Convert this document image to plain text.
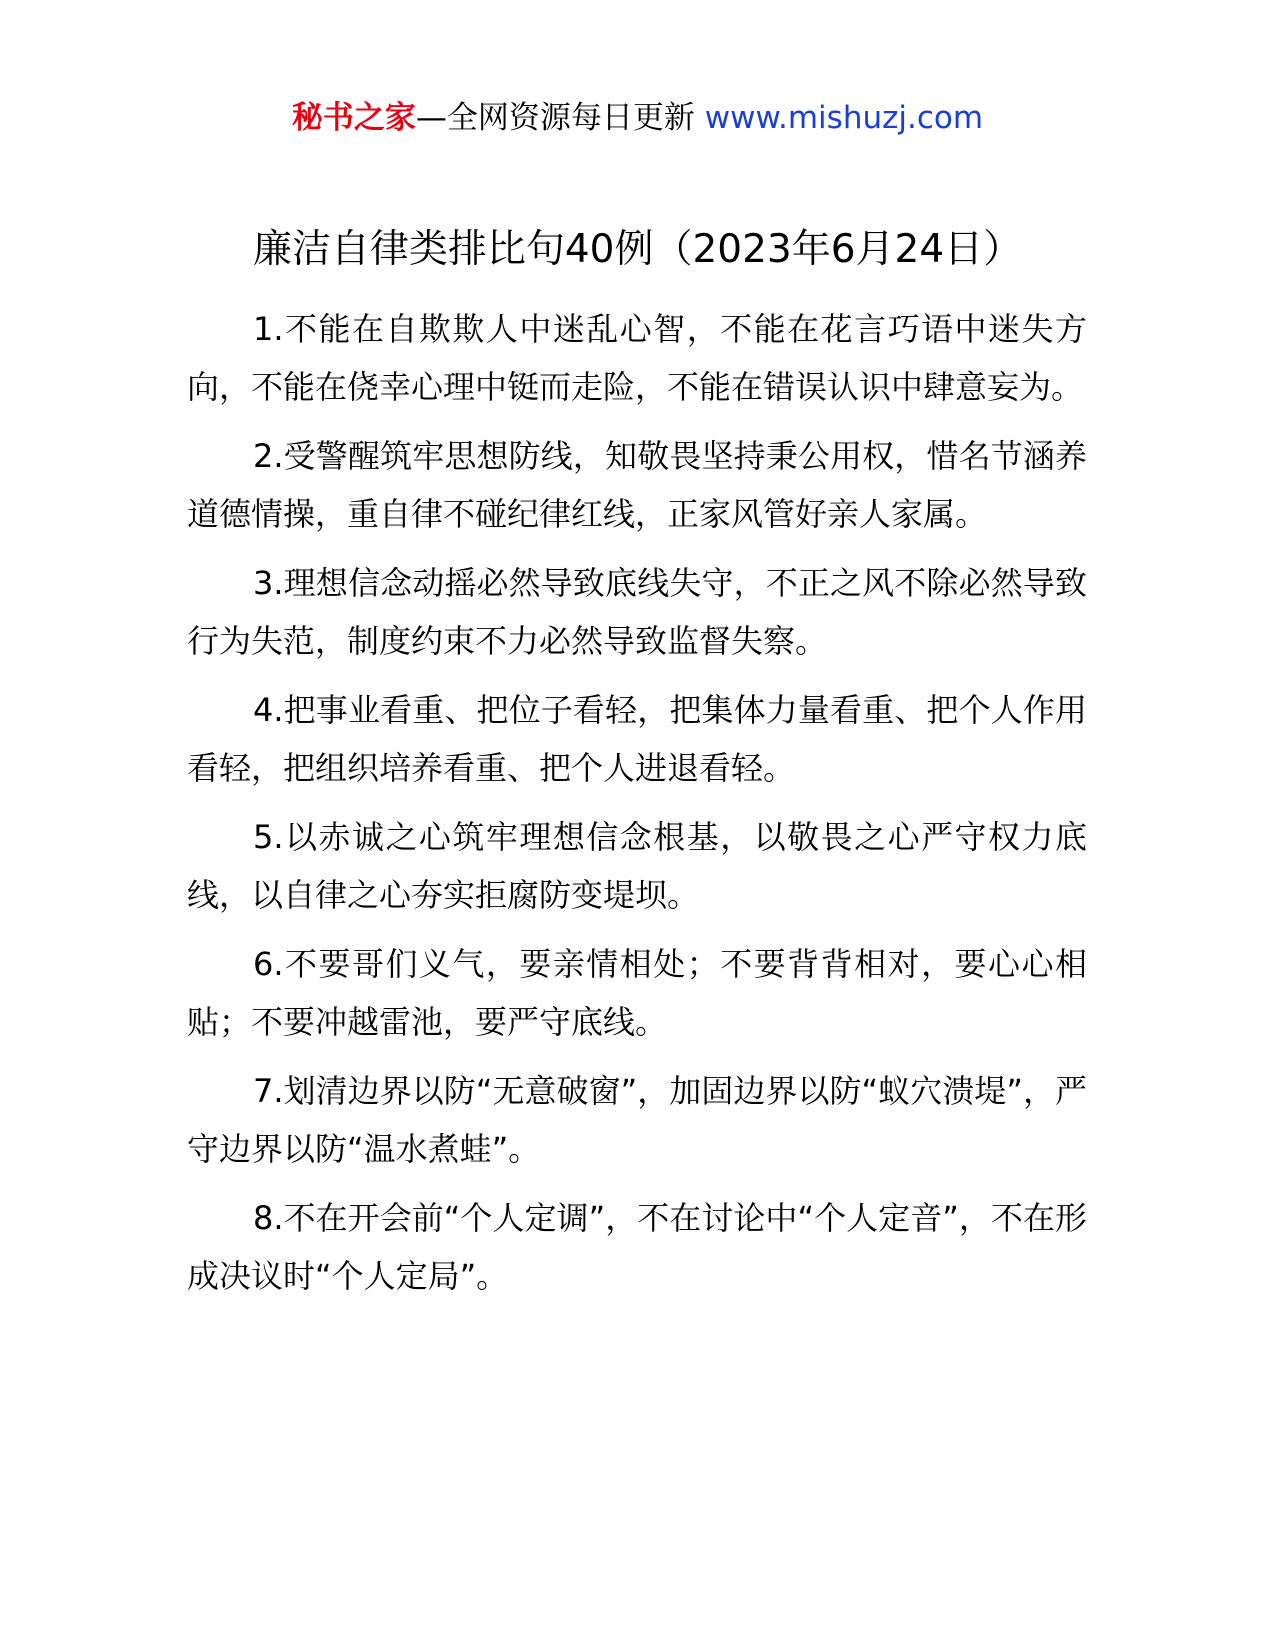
秘书之家—全网资源每日更新 www.mishuzj.com
廉洁自律类排比句40例（2023年6月24日）

1.不能在自欺欺人中迷乱心智，不能在花言巧语中迷失方向，不能在侥幸心理中铤而走险，不能在错误认识中肆意妄为。

2.受警醒筑牢思想防线，知敬畏坚持秉公用权，惜名节涵养道德情操，重自律不碰纪律红线，正家风管好亲人家属。

3.理想信念动摇必然导致底线失守，不正之风不除必然导致行为失范，制度约束不力必然导致监督失察。

4.把事业看重、把位子看轻，把集体力量看重、把个人作用看轻，把组织培养看重、把个人进退看轻。

5.以赤诚之心筑牢理想信念根基，以敬畏之心严守权力底线，以自律之心夯实拒腐防变堤坝。

6.不要哥们义气，要亲情相处；不要背背相对，要心心相贴；不要冲越雷池，要严守底线。

7.划清边界以防“无意破窗”，加固边界以防“蚁穴溃堤”，严守边界以防“温水煮蛙”。

8.不在开会前“个人定调”，不在讨论中“个人定音”，不在形成决议时“个人定局”。
